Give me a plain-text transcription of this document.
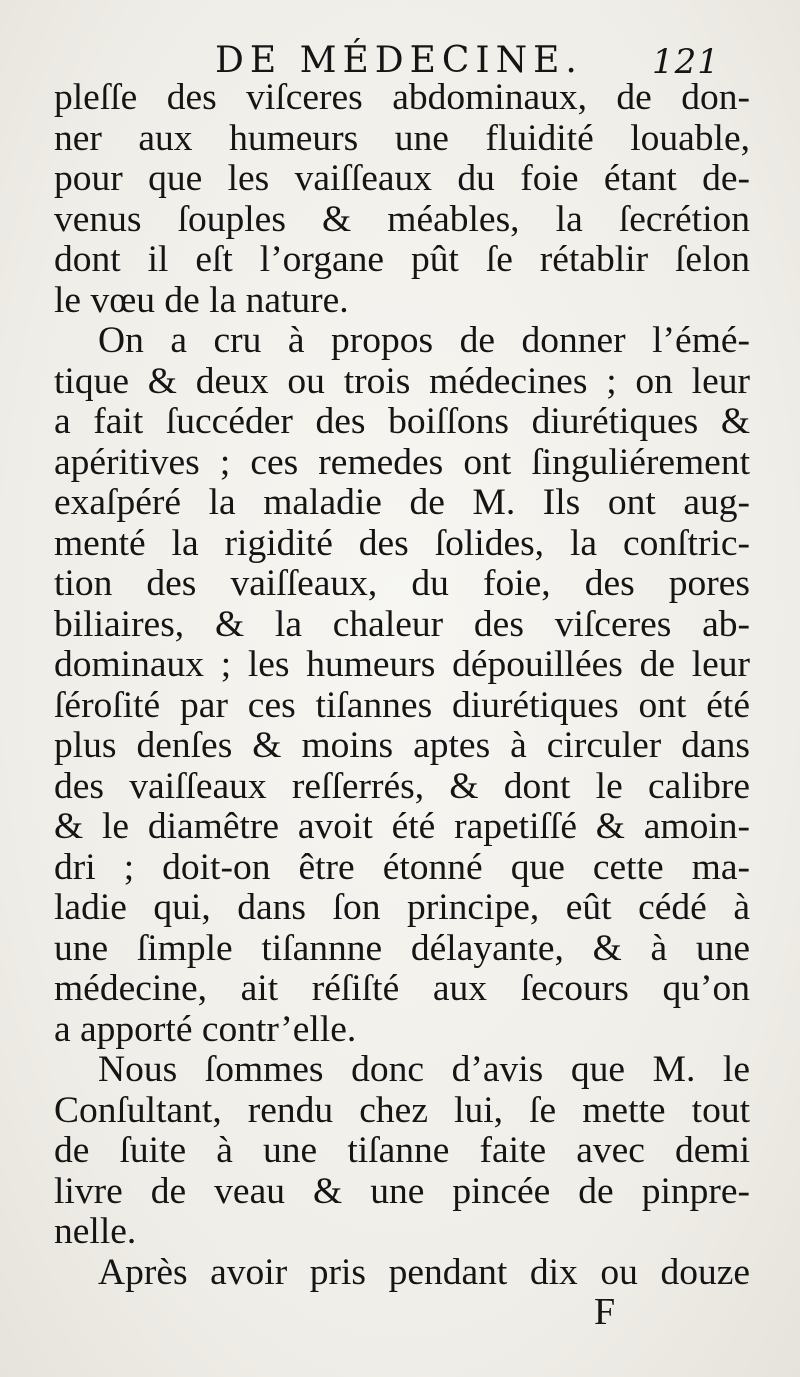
DE MÉDECINE. 121
pleſſe des viſceres abdominaux, de don-
ner aux humeurs une fluidité louable,
pour que les vaiſſeaux du foie étant de-
venus ſouples & méables, la ſecrétion
dont il eſt l’organe pût ſe rétablir ſelon
le vœu de la nature.
On a cru à propos de donner l’émé-
tique & deux ou trois médecines ; on leur
a fait ſuccéder des boiſſons diurétiques &
apéritives ; ces remedes ont ſinguliérement
exaſpéré la maladie de M. Ils ont aug-
menté la rigidité des ſolides, la conſtric-
tion des vaiſſeaux, du foie, des pores
biliaires, & la chaleur des viſceres ab-
dominaux ; les humeurs dépouillées de leur
ſéroſité par ces tiſannes diurétiques ont été
plus denſes & moins aptes à circuler dans
des vaiſſeaux reſſerrés, & dont le calibre
& le diamêtre avoit été rapetiſſé & amoin-
dri ; doit-on être étonné que cette ma-
ladie qui, dans ſon principe, eût cédé à
une ſimple tiſannne délayante, & à une
médecine, ait réſiſté aux ſecours qu’on
a apporté contr’elle.
Nous ſommes donc d’avis que M. le
Conſultant, rendu chez lui, ſe mette tout
de ſuite à une tiſanne faite avec demi
livre de veau & une pincée de pinpre-
nelle.
Après avoir pris pendant dix ou douze
F
